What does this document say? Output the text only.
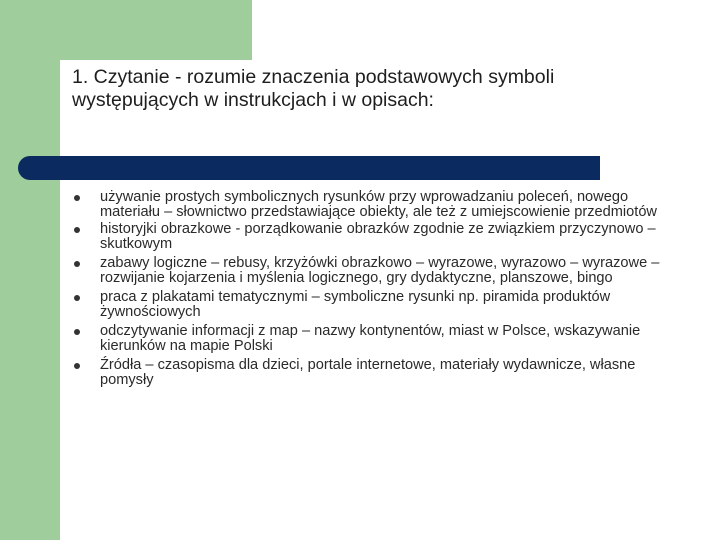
1. Czytanie - rozumie znaczenia podstawowych symboli występujących w instrukcjach i w opisach:
używanie prostych symbolicznych rysunków przy wprowadzaniu poleceń, nowego materiału – słownictwo przedstawiające obiekty, ale też z umiejscowienie przedmiotów
historyjki obrazkowe - porządkowanie obrazków zgodnie ze związkiem przyczynowo – skutkowym
zabawy logiczne – rebusy, krzyżówki obrazkowo – wyrazowe, wyrazowo – wyrazowe – rozwijanie kojarzenia i myślenia logicznego, gry dydaktyczne, planszowe, bingo
praca z plakatami tematycznymi – symboliczne rysunki np. piramida produktów żywnościowych
odczytywanie informacji z map – nazwy kontynentów, miast w Polsce, wskazywanie kierunków na mapie Polski
Źródła – czasopisma dla dzieci, portale internetowe, materiały wydawnicze, własne pomysły
